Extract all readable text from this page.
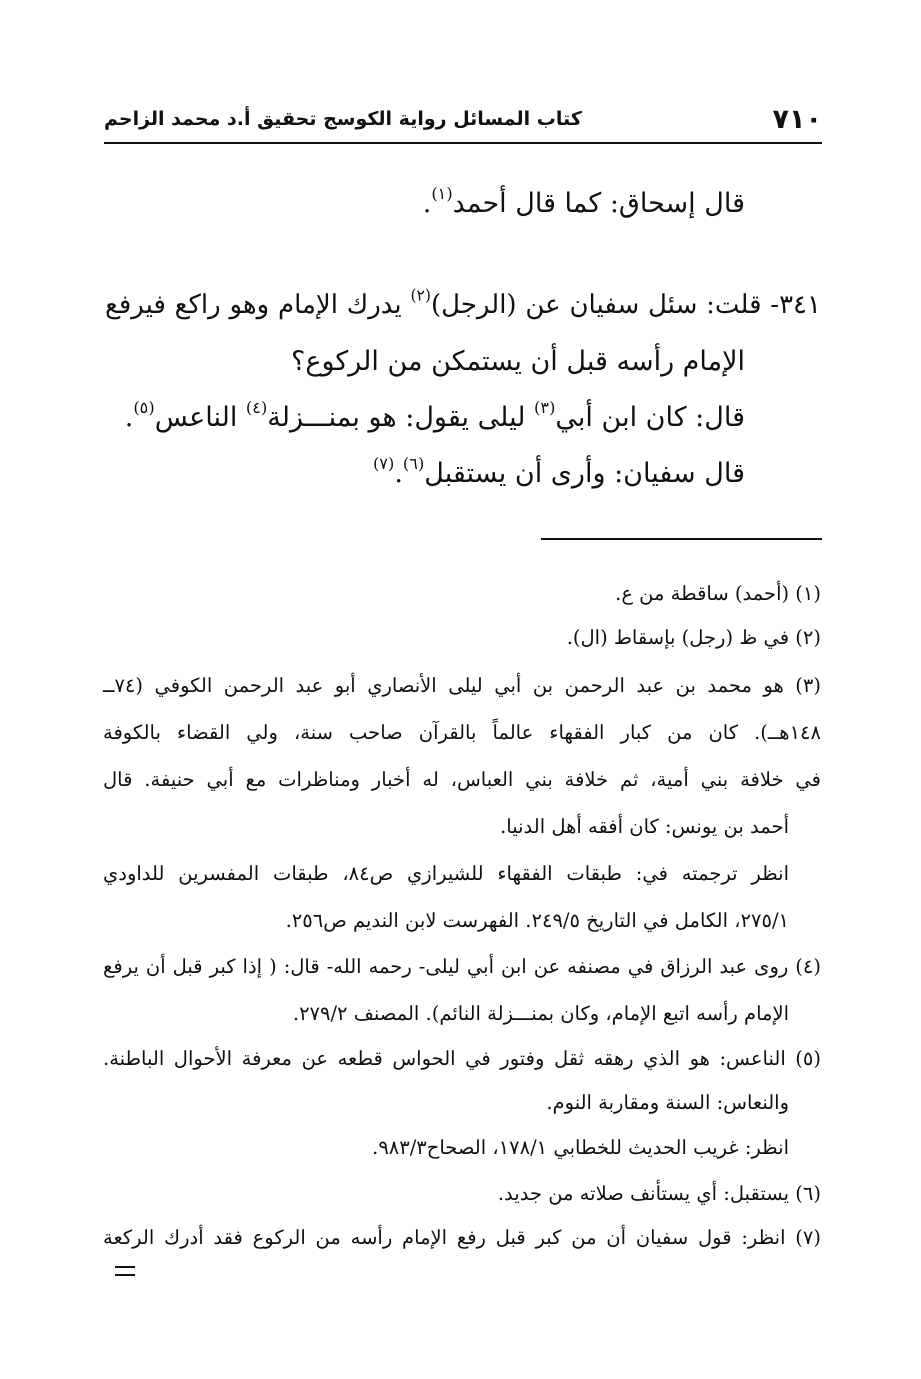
٧١٠
كتاب المسائل رواية الكوسج تحقيق أ.د محمد الزاحم

قال إسحاق: كما قال أحمد$^{(١)}$.

٣٤١- قلت: سئل سفيان عن (الرجل)$^{(٢)}$ يدرك الإمام وهو راكع فيرفع

الإمام رأسه قبل أن يستمكن من الركوع؟

قال: كان ابن أبي$^{(٣)}$ ليلى يقول: هو بمنـــزلة$^{(٤)}$ الناعس$^{(٥)}$.

قال سفيان: وأرى أن يستقبل$^{(٦)}$.$^{(٧)}$

(١) (أحمد) ساقطة من ع.

(٢) في ظ (رجل) بإسقاط (ال).

(٣) هو محمد بن عبد الرحمن بن أبي ليلى الأنصاري أبو عبد الرحمن الكوفي (٧٤ــ

١٤٨هــ). كان من كبار الفقهاء عالماً بالقرآن صاحب سنة، ولي القضاء بالكوفة

في خلافة بني أمية، ثم خلافة بني العباس، له أخبار ومناظرات مع أبي حنيفة. قال

أحمد بن يونس: كان أفقه أهل الدنيا.

انظر ترجمته في: طبقات الفقهاء للشيرازي ص٨٤، طبقات المفسرين للداودي

٢٧٥/١، الكامل في التاريخ ٢٤٩/٥. الفهرست لابن النديم ص٢٥٦.

(٤) روى عبد الرزاق في مصنفه عن ابن أبي ليلى- رحمه الله- قال: ( إذا كبر قبل أن يرفع

الإمام رأسه اتبع الإمام، وكان بمنـــزلة النائم). المصنف ٢٧٩/٢.

(٥) الناعس: هو الذي رهقه ثقل وفتور في الحواس قطعه عن معرفة الأحوال الباطنة.

والنعاس: السنة ومقاربة النوم.

انظر: غريب الحديث للخطابي ١٧٨/١، الصحاح٩٨٣/٣.

(٦) يستقبل: أي يستأنف صلاته من جديد.

(٧) انظر: قول سفيان أن من كبر قبل رفع الإمام رأسه من الركوع فقد أدرك الركعة
